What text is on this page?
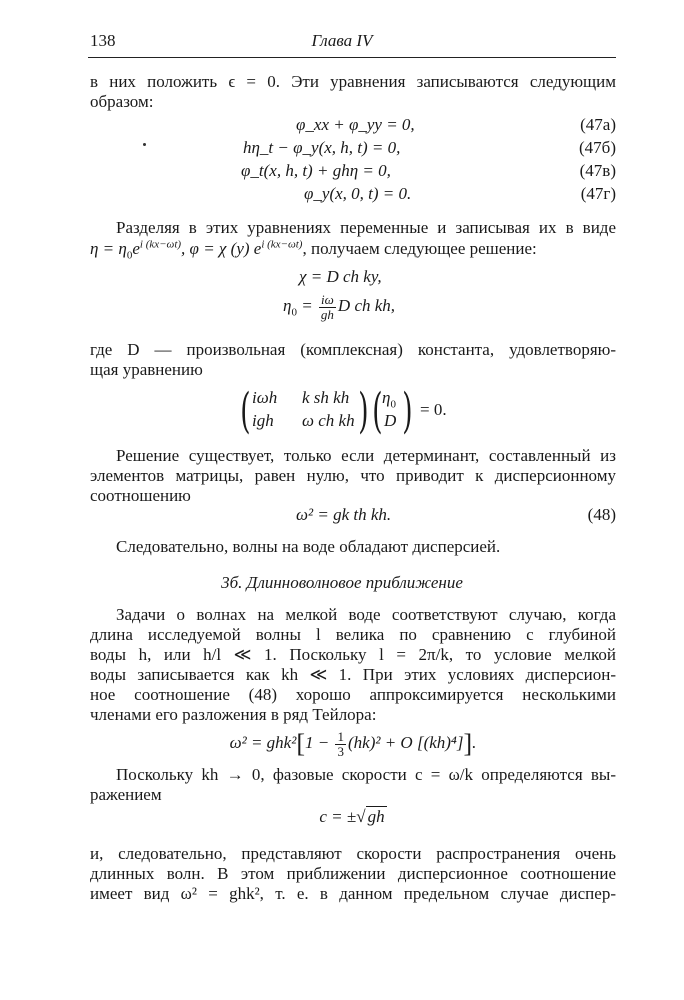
138	Глава IV
в них положить ϵ = 0. Эти уравнения записываются следующим
образом:
φ_xx + φ_yy = 0,	(47а)
hη_t − φ_y(x, h, t) = 0,	(47б)
φ_t(x, h, t) + ghη = 0,	(47в)
φ_y(x, 0, t) = 0.	(47г)
Разделяя в этих уравнениях переменные и записывая их в виде
$\eta = \eta_0e^{i (kx-\omega t)}$, φ = χ (y) $e^{i (kx-\omega t)}$, получаем следующее решение:
χ = D ch ky,
$\eta_0 = \frac{i\omega}{gh}$ D ch kh,
где D — произвольная (комплексная) константа, удовлетворяю-
щая уравнению
( iωh k sh kh
igh ω ch kh ) ( $\eta_0$
D ) = 0.
Решение существует, только если детерминант, составленный из
элементов матрицы, равен нулю, что приводит к дисперсионному
соотношению
ω² = gk th kh.	(48)
Следовательно, волны на воде обладают дисперсией.
3б. Длинноволновое приближение
Задачи о волнах на мелкой воде соответствуют случаю, когда
длина исследуемой волны l велика по сравнению с глубиной
воды h, или h/l ≪ 1. Поскольку l = 2π/k, то условие мелкой
воды записывается как kh ≪ 1. При этих условиях дисперсион-
ное соотношение (48) хорошо аппроксимируется несколькими
членами его разложения в ряд Тейлора:
$\omega^2 = ghk^2[1 - \frac{1}{3} (hk)^2 + O$ [(kh)⁴]].
Поскольку kh → 0, фазовые скорости c = ω/k определяются вы-
ражением
c = ±√ gh
и, следовательно, представляют скорости распространения очень
длинных волн. В этом приближении дисперсионное соотношение
имеет вид ω² = ghk², т. е. в данном предельном случае диспер-
